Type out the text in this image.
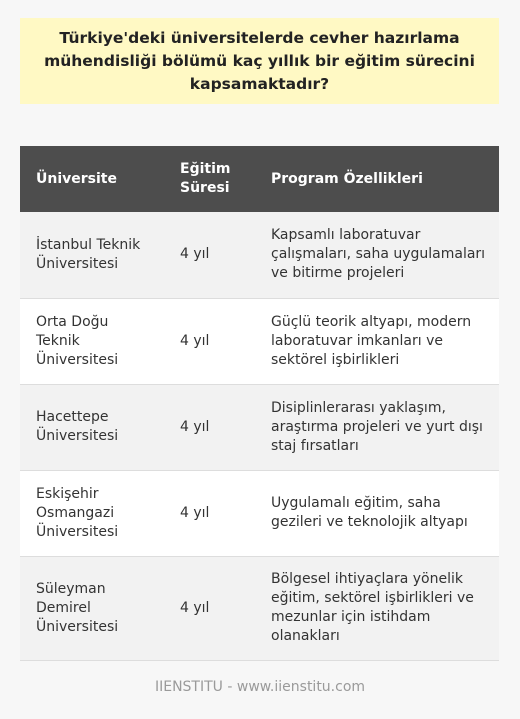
Türkiye'deki üniversitelerde cevher hazırlama mühendisliği bölümü kaç yıllık bir eğitim sürecini kapsamaktadır?
Üniversite	Eğitim Süresi	Program Özellikleri
İstanbul Teknik Üniversitesi	4 yıl	Kapsamlı laboratuvar çalışmaları, saha uygulamaları ve bitirme projeleri
Orta Doğu Teknik Üniversitesi	4 yıl	Güçlü teorik altyapı, modern laboratuvar imkanları ve sektörel işbirlikleri
Hacettepe Üniversitesi	4 yıl	Disiplinlerarası yaklaşım, araştırma projeleri ve yurt dışı staj fırsatları
Eskişehir Osmangazi Üniversitesi	4 yıl	Uygulamalı eğitim, saha gezileri ve teknolojik altyapı
Süleyman Demirel Üniversitesi	4 yıl	Bölgesel ihtiyaçlara yönelik eğitim, sektörel işbirlikleri ve mezunlar için istihdam olanakları
IIENSTITU - www.iienstitu.com
